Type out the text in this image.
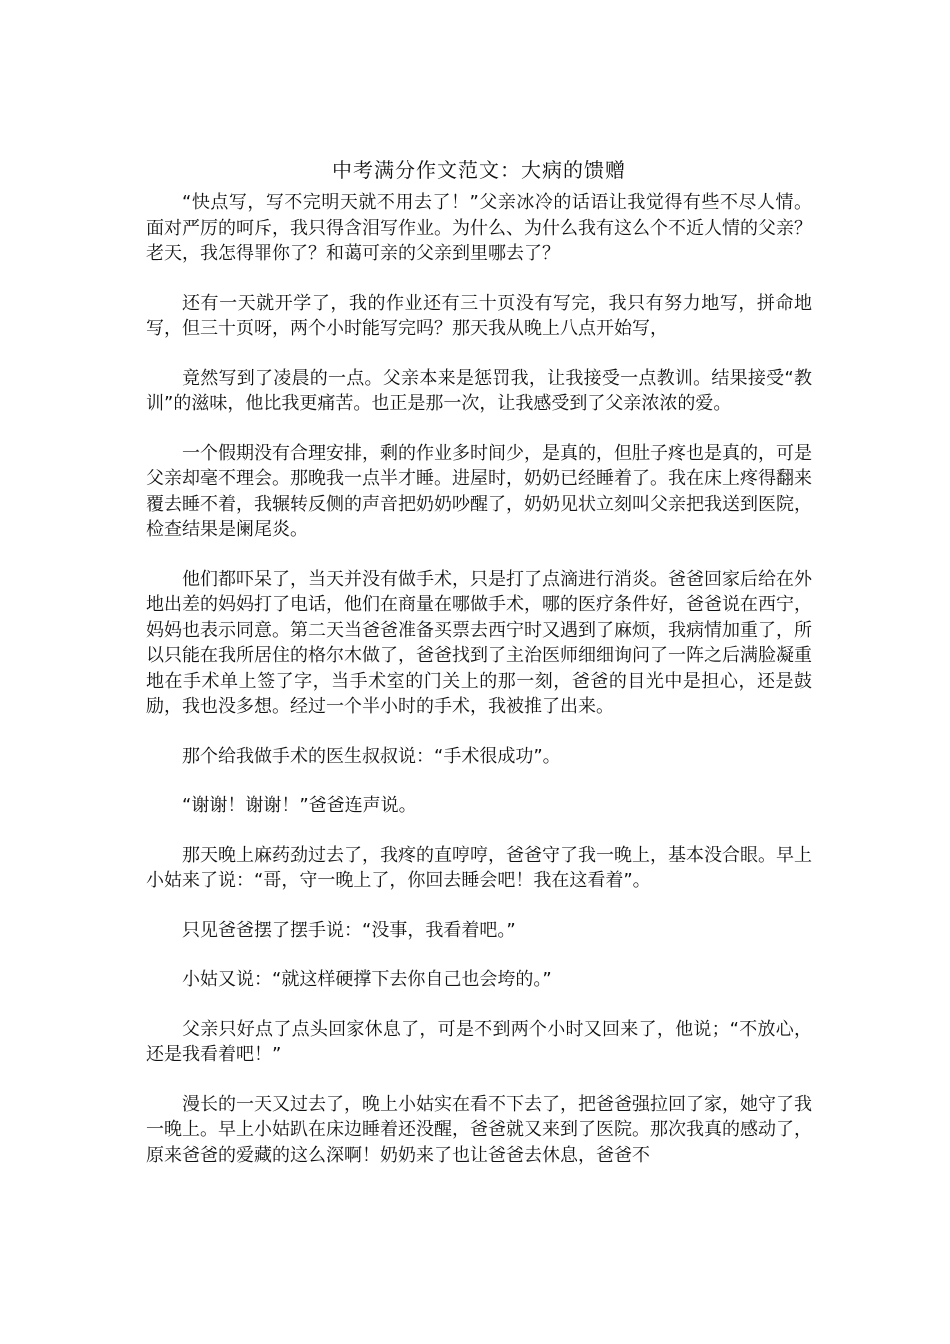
中考满分作文范文：大病的馈赠

“快点写，写不完明天就不用去了！”父亲冰冷的话语让我觉得有些不尽人情。面对严厉的呵斥，我只得含泪写作业。为什么、为什么我有这么个不近人情的父亲？老天，我怎得罪你了？和蔼可亲的父亲到里哪去了？

还有一天就开学了，我的作业还有三十页没有写完，我只有努力地写，拼命地写，但三十页呀，两个小时能写完吗？那天我从晚上八点开始写，

竟然写到了凌晨的一点。父亲本来是惩罚我，让我接受一点教训。结果接受“教训”的滋味，他比我更痛苦。也正是那一次，让我感受到了父亲浓浓的爱。

一个假期没有合理安排，剩的作业多时间少，是真的，但肚子疼也是真的，可是父亲却毫不理会。那晚我一点半才睡。进屋时，奶奶已经睡着了。我在床上疼得翻来覆去睡不着，我辗转反侧的声音把奶奶吵醒了，奶奶见状立刻叫父亲把我送到医院，检查结果是阑尾炎。

他们都吓呆了，当天并没有做手术，只是打了点滴进行消炎。爸爸回家后给在外地出差的妈妈打了电话，他们在商量在哪做手术，哪的医疗条件好，爸爸说在西宁，妈妈也表示同意。第二天当爸爸准备买票去西宁时又遇到了麻烦，我病情加重了，所以只能在我所居住的格尔木做了，爸爸找到了主治医师细细询问了一阵之后满脸凝重地在手术单上签了字，当手术室的门关上的那一刻，爸爸的目光中是担心，还是鼓励，我也没多想。经过一个半小时的手术，我被推了出来。

那个给我做手术的医生叔叔说：“手术很成功”。

“谢谢！谢谢！”爸爸连声说。

那天晚上麻药劲过去了，我疼的直哼哼，爸爸守了我一晚上，基本没合眼。早上小姑来了说：“哥，守一晚上了，你回去睡会吧！我在这看着”。

只见爸爸摆了摆手说：“没事，我看着吧。”

小姑又说：“就这样硬撑下去你自己也会垮的。”

父亲只好点了点头回家休息了，可是不到两个小时又回来了，他说；“不放心，还是我看着吧！”

漫长的一天又过去了，晚上小姑实在看不下去了，把爸爸强拉回了家，她守了我一晚上。早上小姑趴在床边睡着还没醒，爸爸就又来到了医院。那次我真的感动了，原来爸爸的爱藏的这么深啊！奶奶来了也让爸爸去休息，爸爸不
